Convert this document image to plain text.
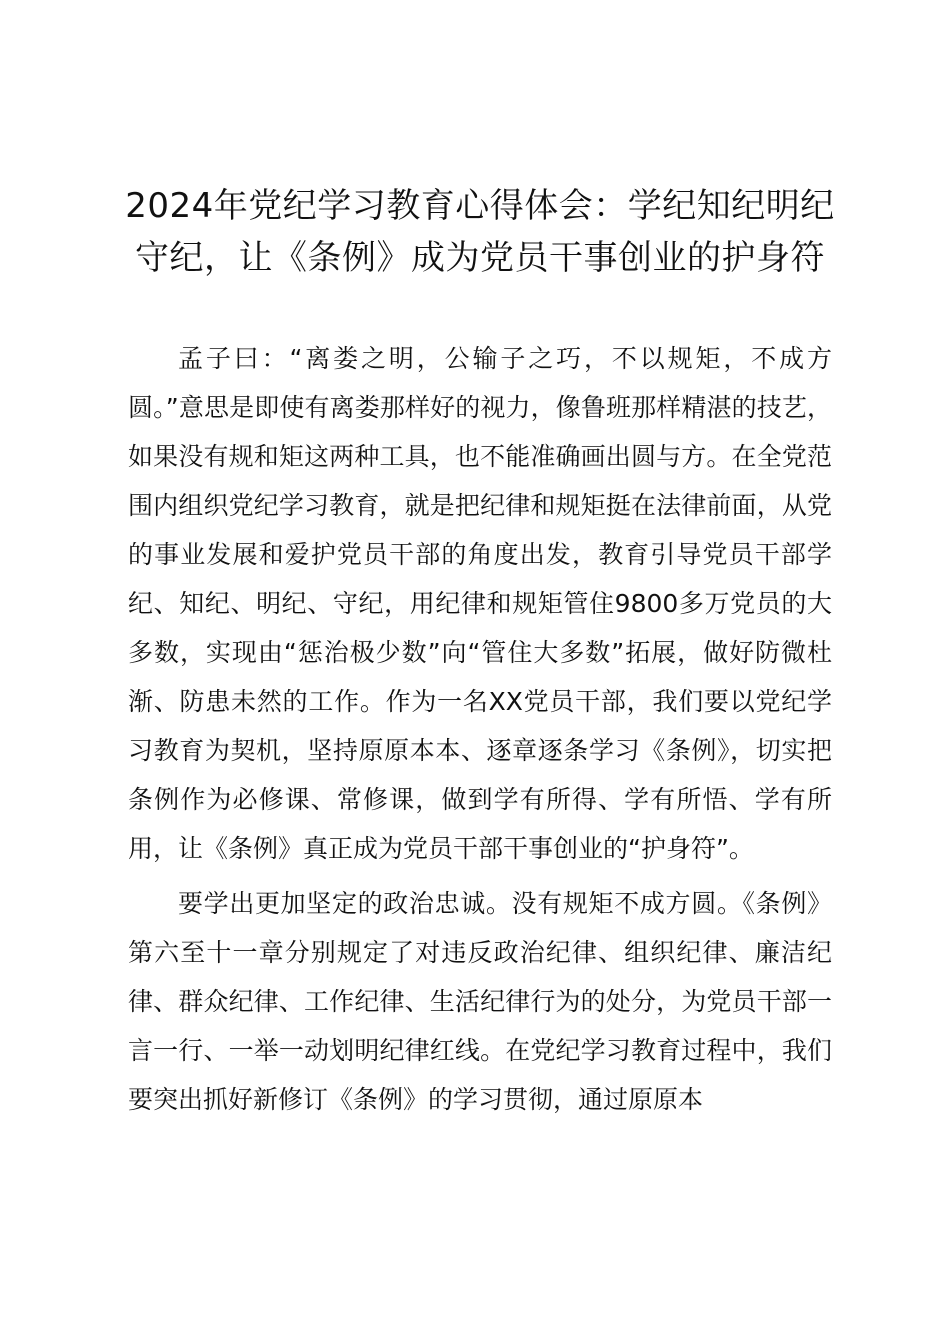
2024年党纪学习教育心得体会：学纪知纪明纪守纪，让《条例》成为党员干事创业的护身符

孟子曰：“离娄之明，公输子之巧，不以规矩，不成方圆。”意思是即使有离娄那样好的视力，像鲁班那样精湛的技艺，如果没有规和矩这两种工具，也不能准确画出圆与方。在全党范围内组织党纪学习教育，就是把纪律和规矩挺在法律前面，从党的事业发展和爱护党员干部的角度出发，教育引导党员干部学纪、知纪、明纪、守纪，用纪律和规矩管住9800多万党员的大多数，实现由“惩治极少数”向“管住大多数”拓展，做好防微杜渐、防患未然的工作。作为一名XX党员干部，我们要以党纪学习教育为契机，坚持原原本本、逐章逐条学习《条例》，切实把条例作为必修课、常修课，做到学有所得、学有所悟、学有所用，让《条例》真正成为党员干部干事创业的“护身符”。

要学出更加坚定的政治忠诚。没有规矩不成方圆。《条例》第六至十一章分别规定了对违反政治纪律、组织纪律、廉洁纪律、群众纪律、工作纪律、生活纪律行为的处分，为党员干部一言一行、一举一动划明纪律红线。在党纪学习教育过程中，我们要突出抓好新修订《条例》的学习贯彻，通过原原本
